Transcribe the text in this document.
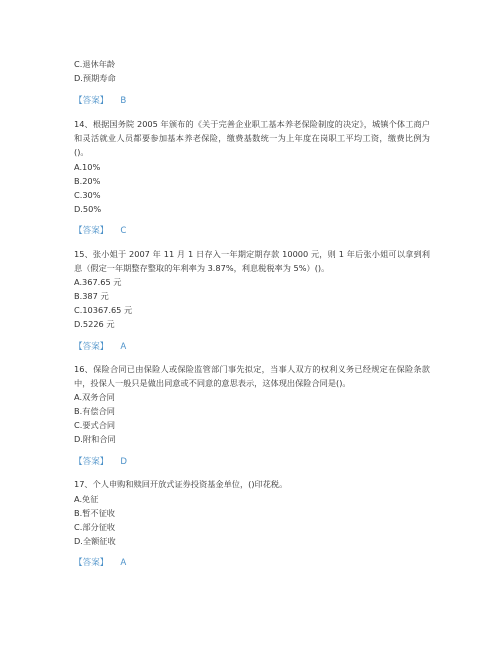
C.退休年龄
D.预期寿命
【答案】 B
14、根据国务院 2005 年颁布的《关于完善企业职工基本养老保险制度的决定》，城镇个体工商户和灵活就业人员都要参加基本养老保险，缴费基数统一为上年度在岗职工平均工资，缴费比例为()。
A.10%
B.20%
C.30%
D.50%
【答案】 C
15、张小姐于 2007 年 11 月 1 日存入一年期定期存款 10000 元，则 1 年后张小姐可以拿到利息（假定一年期整存整取的年利率为 3.87%，利息税税率为 5%）()。
A.367.65 元
B.387 元
C.10367.65 元
D.5226 元
【答案】 A
16、保险合同已由保险人或保险监管部门事先拟定，当事人双方的权利义务已经规定在保险条款中，投保人一般只是做出同意或不同意的意思表示，这体现出保险合同是()。
A.双务合同
B.有偿合同
C.要式合同
D.附和合同
【答案】 D
17、个人申购和赎回开放式证券投资基金单位，()印花税。
A.免征
B.暂不征收
C.部分征收
D.全额征收
【答案】 A
